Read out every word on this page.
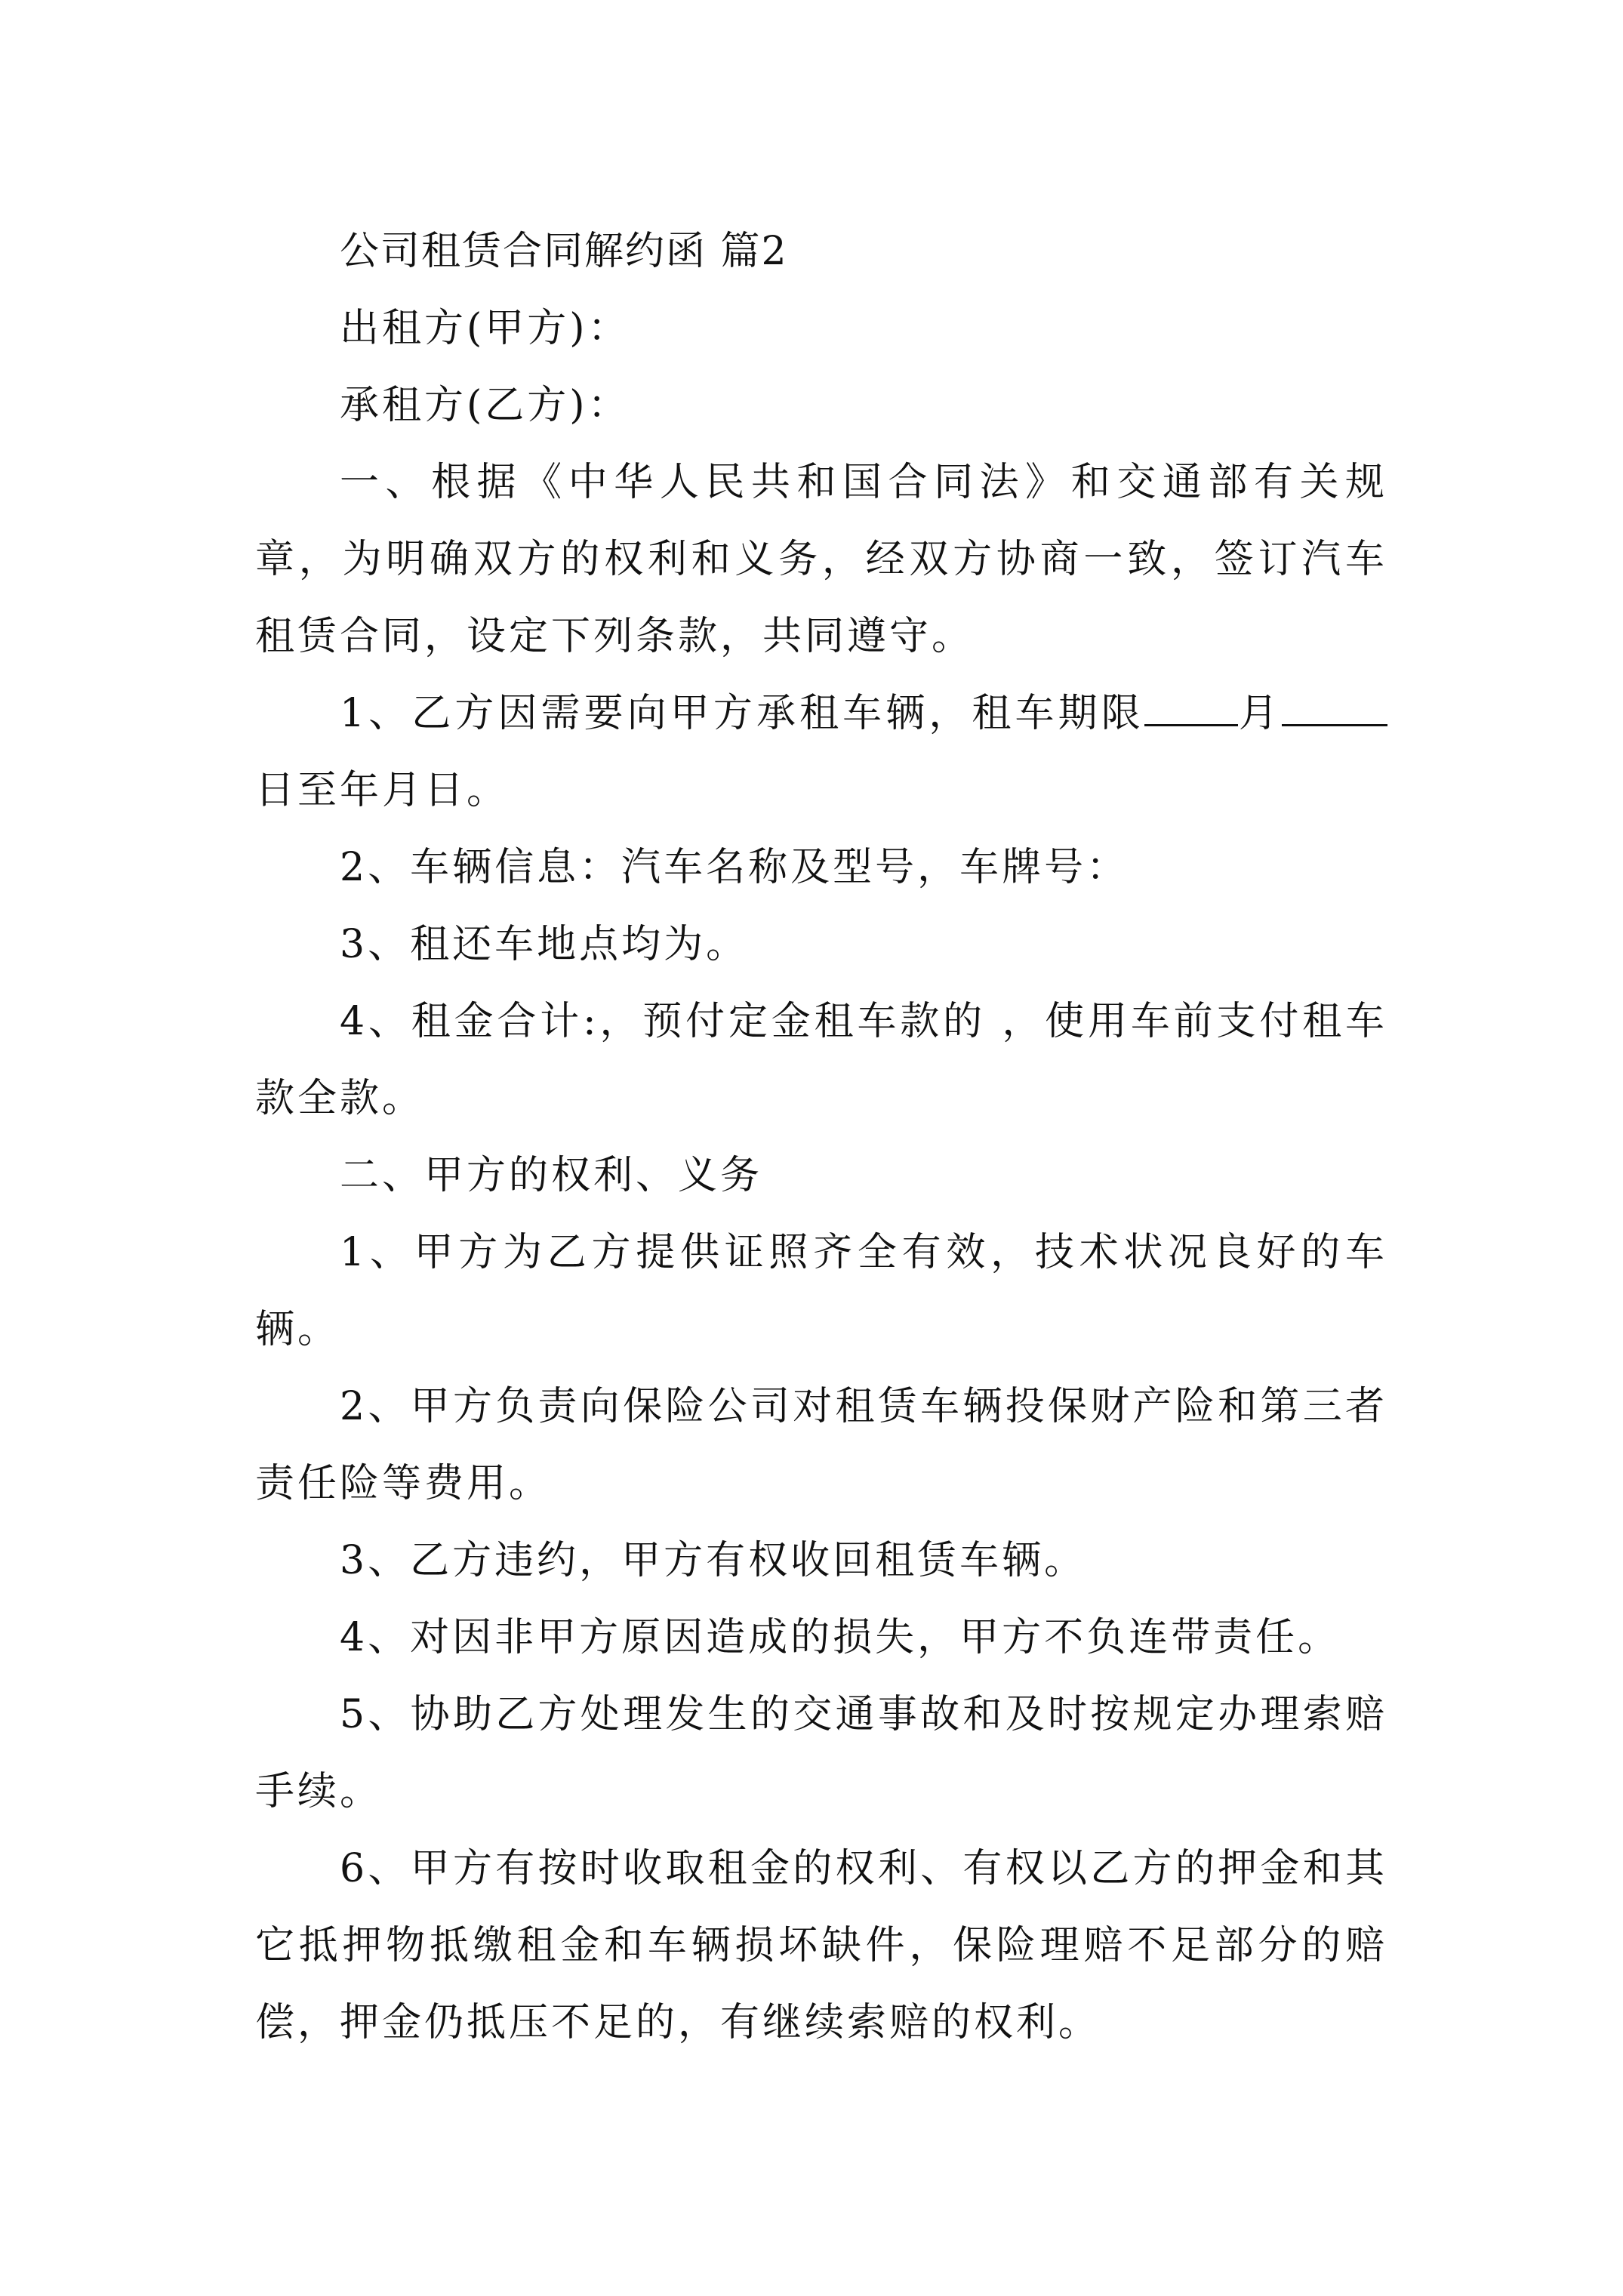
公司租赁合同解约函 篇2

出租方(甲方)：

承租方(乙方)：

一、根据《中华人民共和国合同法》和交通部有关规章，为明确双方的权利和义务，经双方协商一致，签订汽车租赁合同，设定下列条款，共同遵守。

1、乙方因需要向甲方承租车辆，租车期限 月日至年月日。

2、车辆信息：汽车名称及型号，车牌号：

3、租还车地点均为。

4、租金合计:，预付定金租车款的 ，使用车前支付租车款全款。

二、甲方的权利、义务

1、甲方为乙方提供证照齐全有效，技术状况良好的车辆。

2、甲方负责向保险公司对租赁车辆投保财产险和第三者责任险等费用。

3、乙方违约，甲方有权收回租赁车辆。

4、对因非甲方原因造成的损失，甲方不负连带责任。

5、协助乙方处理发生的交通事故和及时按规定办理索赔手续。

6、甲方有按时收取租金的权利、有权以乙方的押金和其它抵押物抵缴租金和车辆损坏缺件，保险理赔不足部分的赔偿，押金仍抵压不足的，有继续索赔的权利。
